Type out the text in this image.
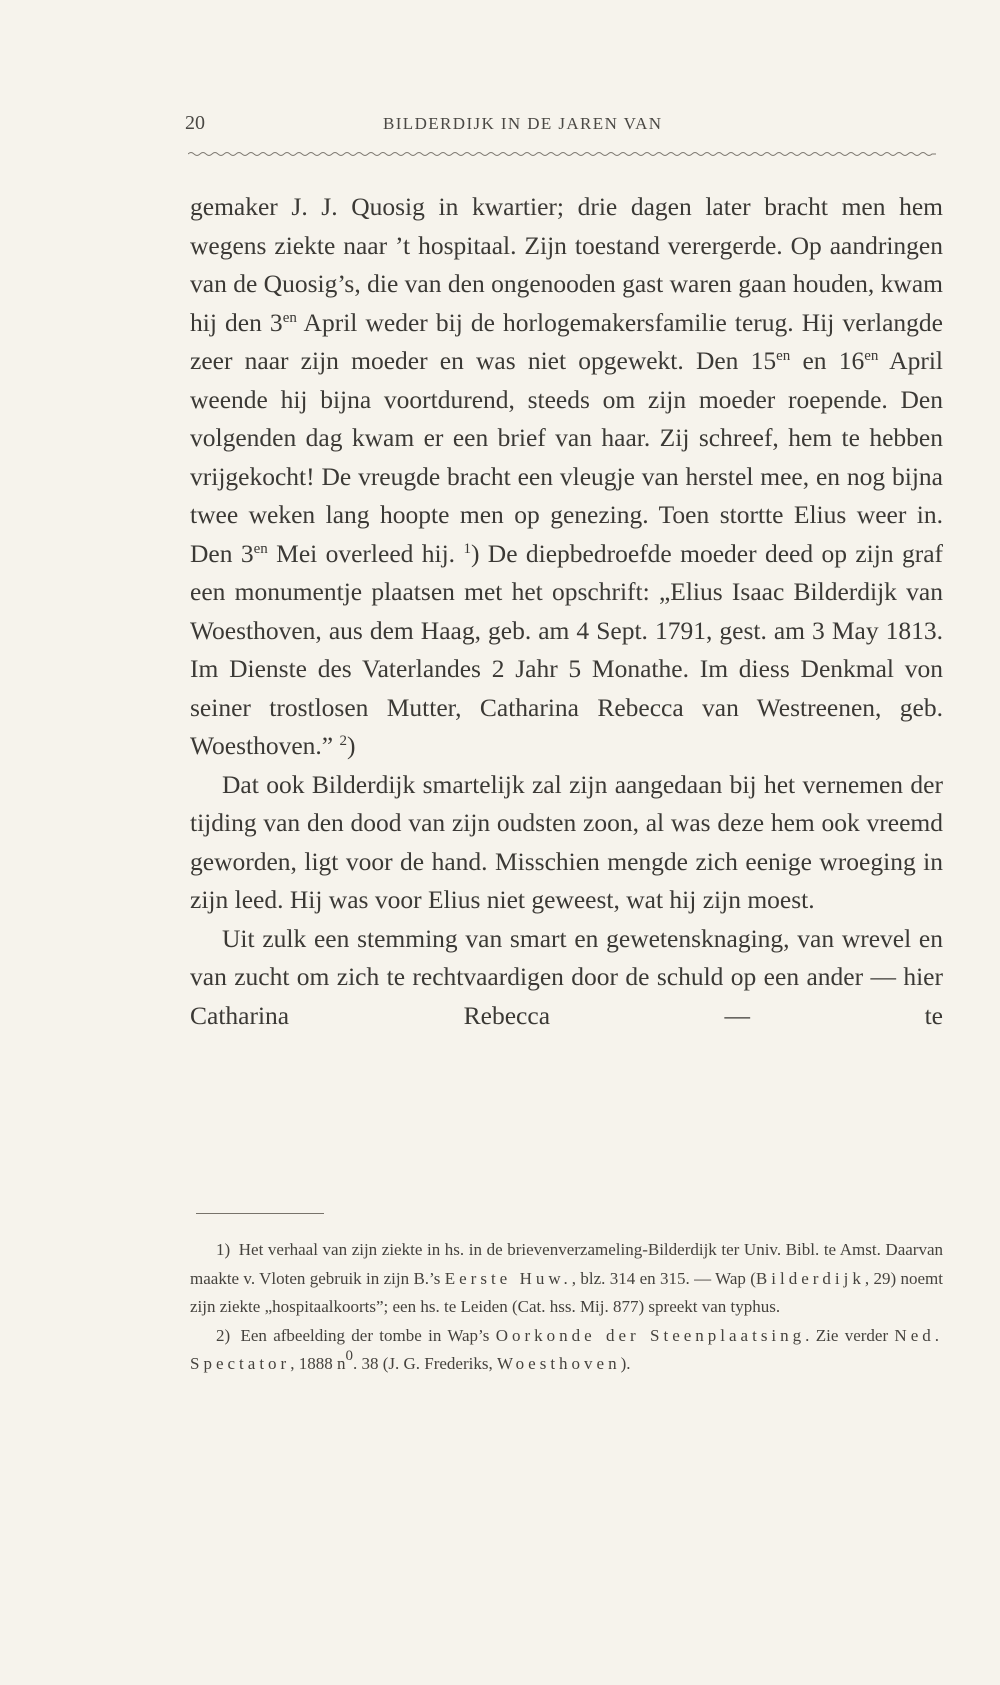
20	BILDERDIJK IN DE JAREN VAN

gemaker J. J. Quosig in kwartier; drie dagen later bracht men hem wegens ziekte naar ’t hospitaal. Zijn toestand verergerde. Op aandringen van de Quosig’s, die van den ongenooden gast waren gaan houden, kwam hij den $3^{en}$ April weder bij de horlogemakersfamilie terug. Hij verlangde zeer naar zijn moeder en was niet opgewekt. Den $15^{en}$ en $16^{en}$ April weende hij bijna voortdurend, steeds om zijn moeder roepende. Den volgenden dag kwam er een brief van haar. Zij schreef, hem te hebben vrijgekocht! De vreugde bracht een vleugje van herstel mee, en nog bijna twee weken lang hoopte men op genezing. Toen stortte Elius weer in. Den $3^{en}$ Mei overleed hij. $^1$) De diepbedroefde moeder deed op zijn graf een monumentje plaatsen met het opschrift: „Elius Isaac Bilderdijk van Woesthoven, aus dem Haag, geb. am 4 Sept. 1791, gest. am 3 May 1813. Im Dienste des Vaterlandes 2 Jahr 5 Monathe. Im diess Denkmal von seiner trostlosen Mutter, Catharina Rebecca van Westreenen, geb. Woesthoven.” $^2$)

Dat ook Bilderdijk smartelijk zal zijn aangedaan bij het vernemen der tijding van den dood van zijn oudsten zoon, al was deze hem ook vreemd geworden, ligt voor de hand. Misschien mengde zich eenige wroeging in zijn leed. Hij was voor Elius niet geweest, wat hij zijn moest.

Uit zulk een stemming van smart en gewetensknaging, van wrevel en van zucht om zich te rechtvaardigen door de schuld op een ander — hier Catharina Rebecca — te

1) Het verhaal van zijn ziekte in hs. in de brievenverzameling-Bilderdijk ter Univ. Bibl. te Amst. Daarvan maakte v. Vloten gebruik in zijn B.’s Eerste Huw., blz. 314 en 315. — Wap (Bilderdijk, 29) noemt zijn ziekte „hospitaalkoorts”; een hs. te Leiden (Cat. hss. Mij. 877) spreekt van typhus.

2) Een afbeelding der tombe in Wap’s Oorkonde der Steenplaatsing. Zie verder Ned. Spectator, 1888 $n^0$. 38 (J. G. Frederiks, Woesthoven).
